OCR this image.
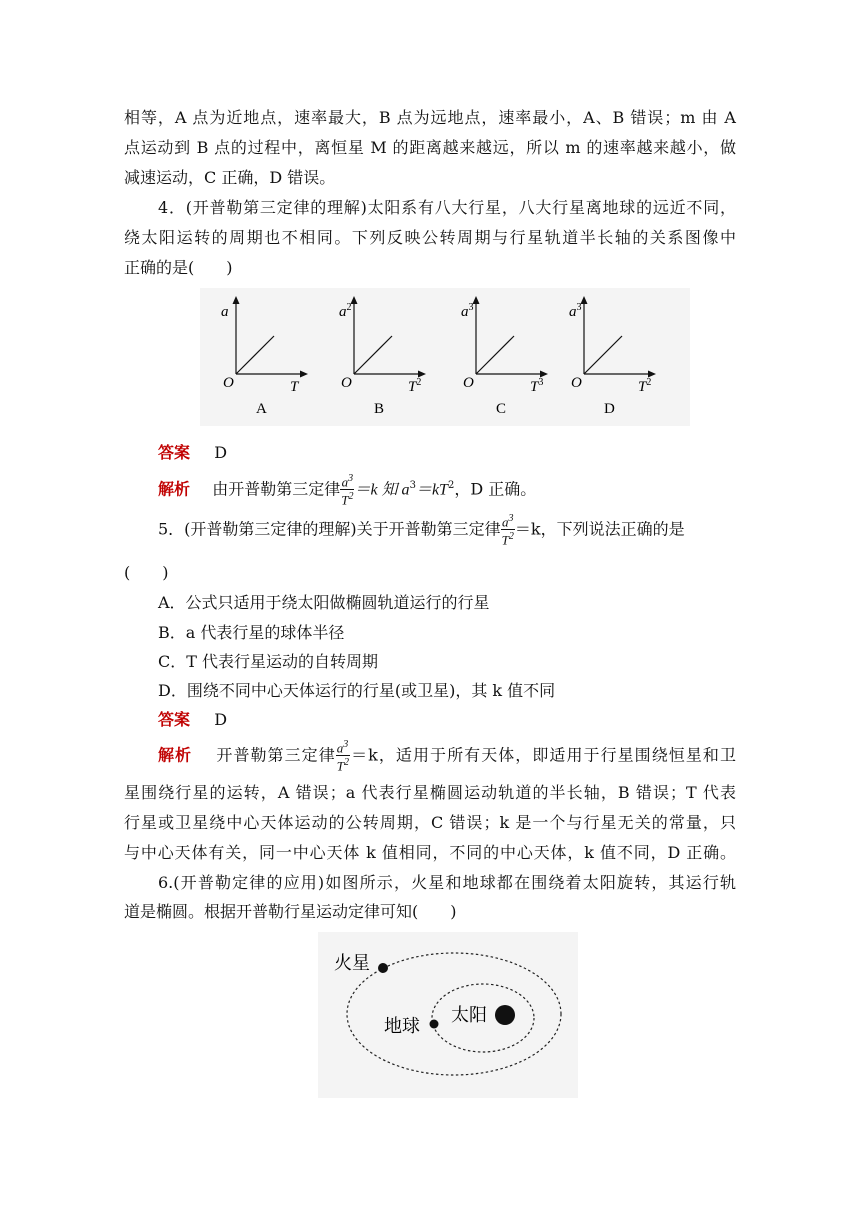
相等，A 点为近地点，速率最大，B 点为远地点，速率最小，A、B 错误；m 由 A
点运动到 B 点的过程中，离恒星 M 的距离越来越远，所以 m 的速率越来越小，做
减速运动，C 正确，D 错误。
4．(开普勒第三定律的理解)太阳系有八大行星，八大行星离地球的远近不同，
绕太阳运转的周期也不相同。下列反映公转周期与行星轨道半长轴的关系图像中
正确的是(　　)
O
a
T
A
O
$a^2$
$T^2$
B
O
$a^3$
$T^3$
C
O
$a^3$
$T^2$
D
答案 D
解析 由开普勒第三定律 $\frac{a^3}{T^2} =k$ 知 $a^3=kT^2$，D 正确。
5．(开普勒第三定律的理解)关于开普勒第三定律 $\frac{a^3}{T^2} =k$，下列说法正确的是
(　　)
A．公式只适用于绕太阳做椭圆轨道运行的行星
B．a 代表行星的球体半径
C．T 代表行星运动的自转周期
D．围绕不同中心天体运行的行星(或卫星)，其 k 值不同
答案 D
解析 开普勒第三定律 $\frac{a^3}{T^2} =k$，适用于所有天体，即适用于行星围绕恒星和卫
星围绕行星的运转，A 错误；a 代表行星椭圆运动轨道的半长轴，B 错误；T 代表
行星或卫星绕中心天体运动的公转周期，C 错误；k 是一个与行星无关的常量，只
与中心天体有关，同一中心天体 k 值相同，不同的中心天体，k 值不同，D 正确。
6.(开普勒定律的应用)如图所示，火星和地球都在围绕着太阳旋转，其运行轨
道是椭圆。根据开普勒行星运动定律可知(　　)
火星
地球
太阳
